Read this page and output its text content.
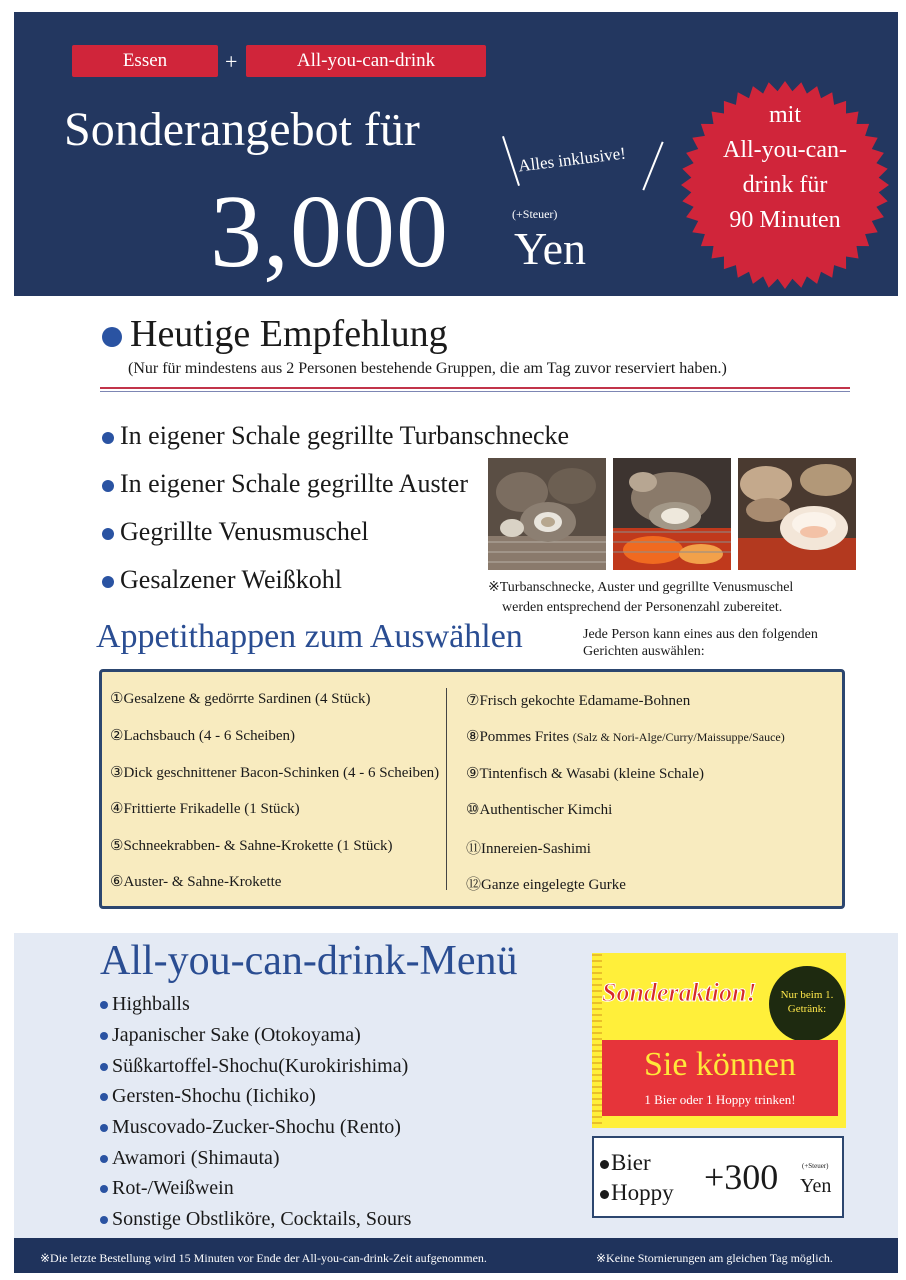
Essen	+	All-you-can-drink
Sonderangebot für
Alles inklusive!
3,000	(+Steuer)
Yen
mit
All-you-can-
drink für
90 Minuten
Heutige Empfehlung
(Nur für mindestens aus 2 Personen bestehende Gruppen, die am Tag zuvor reserviert haben.)
In eigener Schale gegrillte Turbanschnecke
In eigener Schale gegrillte Auster
Gegrillte Venusmuschel
Gesalzener Weißkohl	※Turbanschnecke, Auster und gegrillte Venusmuschel
werden entsprechend der Personenzahl zubereitet.
Appetithappen zum Auswählen	Jede Person kann eines aus den folgenden
Gerichten auswählen:
①Gesalzene & gedörrte Sardinen (4 Stück)
②Lachsbauch (4 - 6 Scheiben)
③Dick geschnittener Bacon-Schinken (4 - 6 Scheiben)
④Frittierte Frikadelle (1 Stück)
⑤Schneekrabben- & Sahne-Krokette (1 Stück)
⑥Auster- & Sahne-Krokette
⑦Frisch gekochte Edamame-Bohnen
⑧Pommes Frites (Salz & Nori-Alge/Curry/Maissuppe/Sauce)
⑨Tintenfisch & Wasabi (kleine Schale)
⑩Authentischer Kimchi
⑪Innereien-Sashimi
⑫Ganze eingelegte Gurke
All-you-can-drink-Menü
Highballs
Japanischer Sake (Otokoyama)
Süßkartoffel-Shochu(Kurokirishima)
Gersten-Shochu (Iichiko)
Muscovado-Zucker-Shochu (Rento)
Awamori (Shimauta)
Rot-/Weißwein
Sonstige Obstliköre, Cocktails, Sours
Sonderaktion!	Nur beim 1.
Getränk:
Sie können
1 Bier oder 1 Hoppy trinken!
Bier
Hoppy +300	(+Steuer)
Yen
※Die letzte Bestellung wird 15 Minuten vor Ende der All-you-can-drink-Zeit aufgenommen.	※Keine Stornierungen am gleichen Tag möglich.
